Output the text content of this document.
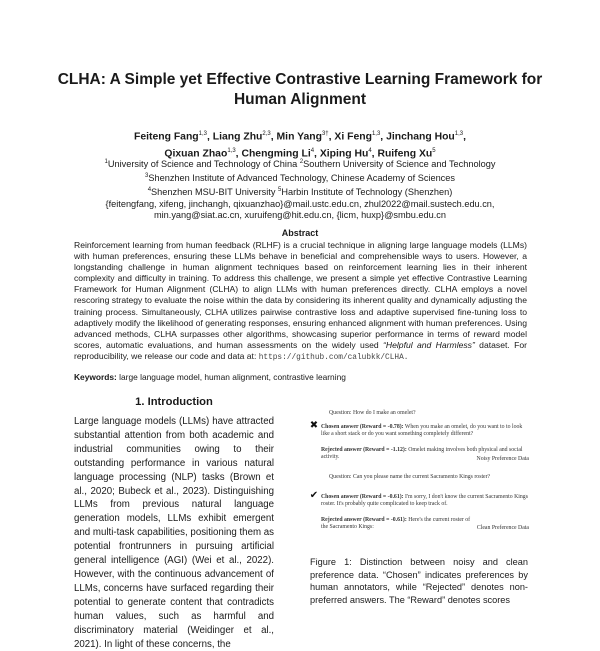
CLHA: A Simple yet Effective Contrastive Learning Framework for
Human Alignment
Feiteng Fang$^{1,3}$, Liang Zhu$^{2,3}$, Min Yang$^{3\dagger}$, Xi Feng$^{1,3}$, Jinchang Hou$^{1,3}$,
Qixuan Zhao$^{1,3}$, Chengming Li$^4$, Xiping Hu$^4$, Ruifeng Xu$^5$
$^1$University of Science and Technology of China $^2$Southern University of Science and Technology
$^3$Shenzhen Institute of Advanced Technology, Chinese Academy of Sciences
$^4$Shenzhen MSU-BIT University $^5$Harbin Institute of Technology (Shenzhen)
{feitengfang, xifeng, jinchangh, qixuanzhao}@mail.ustc.edu.cn, zhul2022@mail.sustech.edu.cn,
min.yang@siat.ac.cn, xuruifeng@hit.edu.cn, {licm, huxp}@smbu.edu.cn
Abstract
Reinforcement learning from human feedback (RLHF) is a crucial technique in aligning large language models (LLMs) with human preferences, ensuring these LLMs behave in beneficial and comprehensible ways to users. However, a longstanding challenge in human alignment techniques based on reinforcement learning lies in their inherent complexity and difficulty in training. To address this challenge, we present a simple yet effective Contrastive Learning Framework for Human Alignment (CLHA) to align LLMs with human preferences directly. CLHA employs a novel rescoring strategy to evaluate the noise within the data by considering its inherent quality and dynamically adjusting the training process. Simultaneously, CLHA utilizes pairwise contrastive loss and adaptive supervised fine-tuning loss to adaptively modify the likelihood of generating responses, ensuring enhanced alignment with human preferences. Using advanced methods, CLHA surpasses other algorithms, showcasing superior performance in terms of reward model scores, automatic evaluations, and human assessments on the widely used “Helpful and Harmless” dataset. For reproducibility, we release our code and data at: https://github.com/calubkk/CLHA.
Keywords: large language model, human alignment, contrastive learning
1. Introduction
Large language models (LLMs) have attracted substantial attention from both academic and industrial communities owing to their outstanding performance in various natural language processing (NLP) tasks (Brown et al., 2020; Bubeck et al., 2023). Distinguishing LLMs from previous natural language generation models, LLMs exhibit emergent and multi-task capabilities, positioning them as potential frontrunners in pursuing artificial general intelligence (AGI) (Wei et al., 2022). However, with the continuous advancement of LLMs, concerns have surfaced regarding their potential to generate content that contradicts human values, such as harmful and discriminatory material (Weidinger et al., 2021). In light of these concerns, the
Question: How do I make an omelet?
✖ Chosen answer (Reward = -0.78): When you make an omelet, do you want to to look like a short stack or do you want something completely different?
Rejected answer (Reward = -1.12): Omelet making involves both physical and social activity.	Noisy Preference Data
Question: Can you please name the current Sacramento Kings roster?
✔ Chosen answer (Reward = -0.61): I'm sorry, I don't know the current Sacramento Kings roster. It's probably quite complicated to keep track of.
Rejected answer (Reward = -0.61): Here's the current roster of the Sacramento Kings:	Clean Preference Data
Figure 1: Distinction between noisy and clean preference data. “Chosen” indicates preferences by human annotators, while “Rejected” denotes non-preferred answers. The “Reward” denotes scores
